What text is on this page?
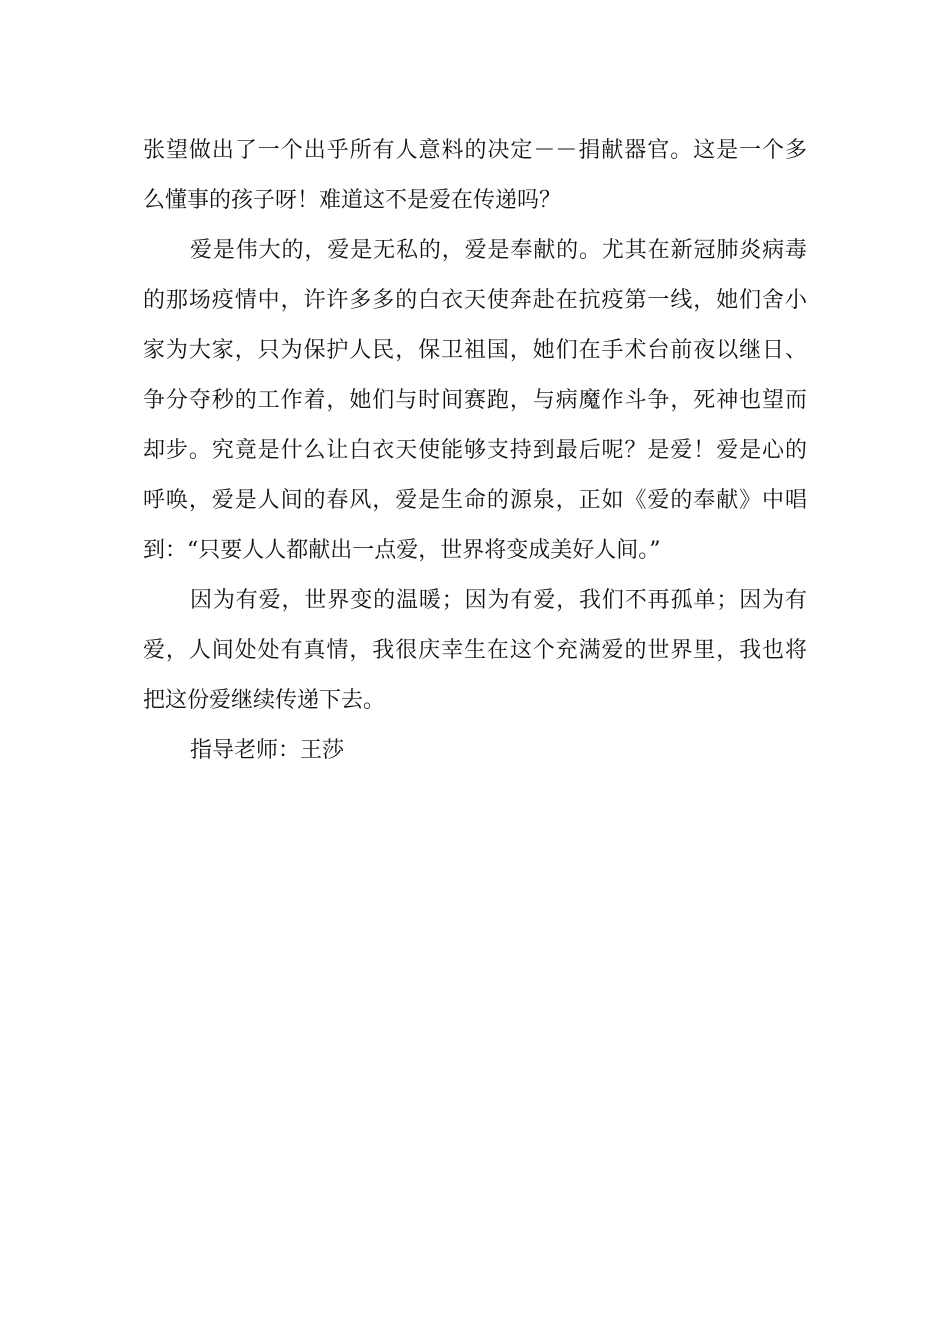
张望做出了一个出乎所有人意料的决定－－捐献器官。这是一个多
么懂事的孩子呀！难道这不是爱在传递吗？
爱是伟大的，爱是无私的，爱是奉献的。尤其在新冠肺炎病毒
的那场疫情中，许许多多的白衣天使奔赴在抗疫第一线，她们舍小
家为大家，只为保护人民，保卫祖国，她们在手术台前夜以继日、
争分夺秒的工作着，她们与时间赛跑，与病魔作斗争，死神也望而
却步。究竟是什么让白衣天使能够支持到最后呢？是爱！爱是心的
呼唤，爱是人间的春风，爱是生命的源泉，正如《爱的奉献》中唱
到：“只要人人都献出一点爱，世界将变成美好人间。”
因为有爱，世界变的温暖；因为有爱，我们不再孤单；因为有
爱，人间处处有真情，我很庆幸生在这个充满爱的世界里，我也将
把这份爱继续传递下去。
指导老师：王莎
